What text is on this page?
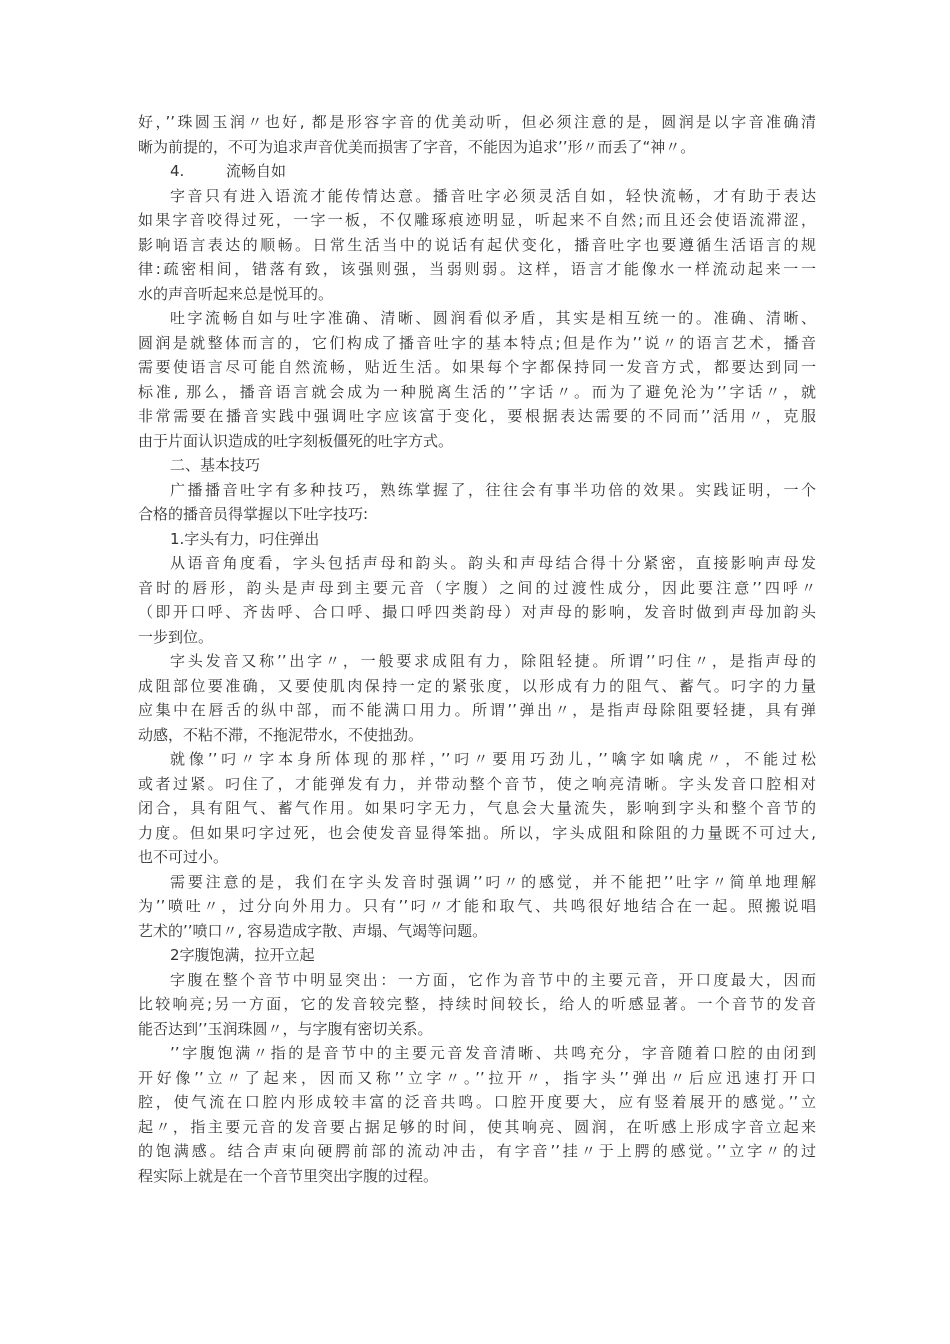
好，’’珠圆玉润〃也好, 都是形容字音的优美动听，但必须注意的是，圆润是以字音准确清
晰为前提的，不可为追求声音优美而损害了字音，不能因为追求’’形〃而丢了“神〃。
4.	流畅自如
字音只有进入语流才能传情达意。播音吐字必须灵活自如，轻快流畅，才有助于表达
如果字音咬得过死，一字一板，不仅雕琢痕迹明显，听起来不自然;而且还会使语流滞涩，
影响语言表达的顺畅。日常生活当中的说话有起伏变化，播音吐字也要遵循生活语言的规
律:疏密相间，错落有致，该强则强，当弱则弱。这样，语言才能像水一样流动起来一一
水的声音听起来总是悦耳的。
吐字流畅自如与吐字准确、清晰、圆润看似矛盾，其实是相互统一的。准确、清晰、
圆润是就整体而言的，它们构成了播音吐字的基本特点;但是作为’’说〃的语言艺术，播音
需要使语言尽可能自然流畅，贴近生活。如果每个字都保持同一发音方式，都要达到同一
标准, 那么，播音语言就会成为一种脱离生活的’’字话〃。而为了避免沦为’’字话〃，就
非常需要在播音实践中强调吐字应该富于变化，要根据表达需要的不同而’’活用〃，克服
由于片面认识造成的吐字刻板僵死的吐字方式。
二、基本技巧
广播播音吐字有多种技巧，熟练掌握了，往往会有事半功倍的效果。实践证明，一个
合格的播音员得掌握以下吐字技巧:
1.字头有力，叼住弹出
从语音角度看，字头包括声母和韵头。韵头和声母结合得十分紧密，直接影响声母发
音时的唇形，韵头是声母到主要元音（字腹）之间的过渡性成分，因此要注意’’四呼〃
（即开口呼、齐齿呼、合口呼、撮口呼四类韵母）对声母的影响，发音时做到声母加韵头
一步到位。
字头发音又称’’出字〃，一般要求成阻有力，除阻轻捷。所谓’’叼住〃，是指声母的
成阻部位要准确，又要使肌肉保持一定的紧张度，以形成有力的阻气、蓄气。叼字的力量
应集中在唇舌的纵中部，而不能满口用力。所谓’’弹出〃，是指声母除阻要轻捷，具有弹
动感，不粘不滞，不拖泥带水，不使拙劲。
就像’’叼〃字本身所体现的那样，’’叼〃要用巧劲儿，’’噙字如噙虎〃，不能过松
或者过紧。叼住了，才能弹发有力，并带动整个音节，使之响亮清晰。字头发音口腔相对
闭合，具有阻气、蓄气作用。如果叼字无力，气息会大量流失，影响到字头和整个音节的
力度。但如果叼字过死，也会使发音显得笨拙。所以，字头成阻和除阻的力量既不可过大,
也不可过小。
需要注意的是，我们在字头发音时强调’’叼〃的感觉，并不能把’’吐字〃简单地理解
为’’喷吐〃，过分向外用力。只有’’叼〃才能和取气、共鸣很好地结合在一起。照搬说唱
艺术的’’喷口〃, 容易造成字散、声塌、气竭等问题。
2字腹饱满，拉开立起
字腹在整个音节中明显突出：一方面，它作为音节中的主要元音，开口度最大，因而
比较响亮;另一方面，它的发音较完整，持续时间较长，给人的听感显著。一个音节的发音
能否达到’’玉润珠圆〃，与字腹有密切关系。
’’字腹饱满〃指的是音节中的主要元音发音清晰、共鸣充分，字音随着口腔的由闭到
开好像’’立〃了起来，因而又称’’立字〃。’’拉开〃，指字头’’弹出〃后应迅速打开口
腔，使气流在口腔内形成较丰富的泛音共鸣。口腔开度要大，应有竖着展开的感觉。’’立
起〃，指主要元音的发音要占据足够的时间，使其响亮、圆润，在听感上形成字音立起来
的饱满感。结合声束向硬腭前部的流动冲击，有字音’’挂〃于上腭的感觉。’’立字〃的过
程实际上就是在一个音节里突出字腹的过程。
